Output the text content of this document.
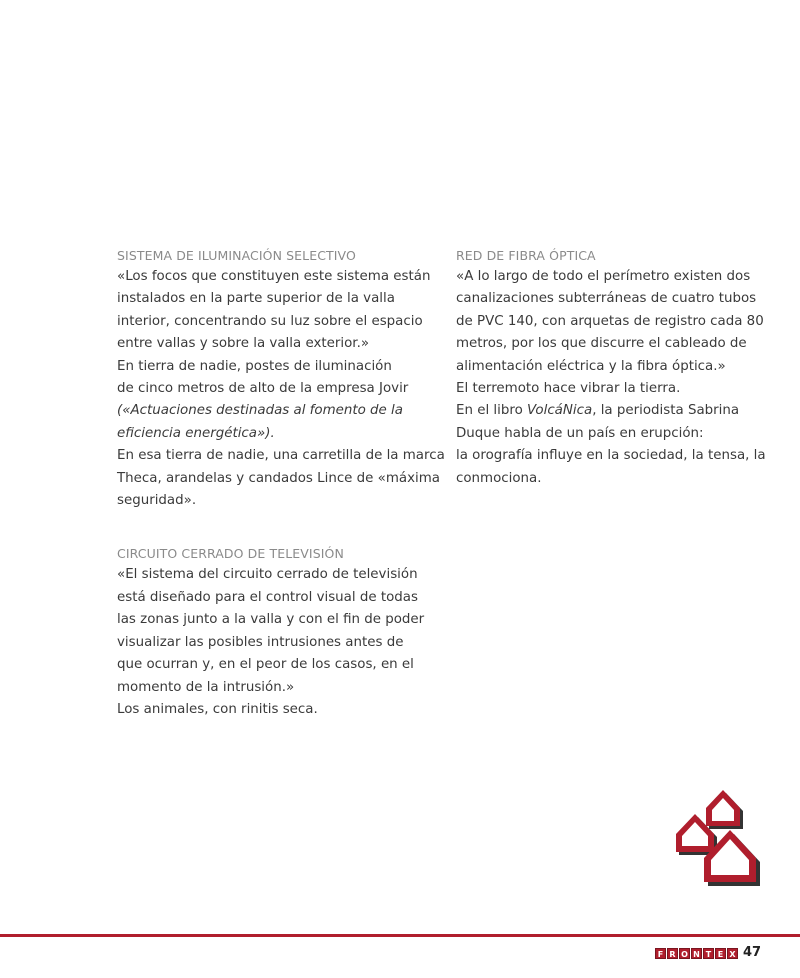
SISTEMA DE ILUMINACIÓN SELECTIVO

«Los focos que constituyen este sistema están

instalados en la parte superior de la valla

interior, concentrando su luz sobre el espacio

entre vallas y sobre la valla exterior.»

En tierra de nadie, postes de iluminación

de cinco metros de alto de la empresa Jovir

(«Actuaciones destinadas al fomento de la

eficiencia energética»).

En esa tierra de nadie, una carretilla de la marca

Theca, arandelas y candados Lince de «máxima

seguridad».

CIRCUITO CERRADO DE TELEVISIÓN

«El sistema del circuito cerrado de televisión

está diseñado para el control visual de todas

las zonas junto a la valla y con el fin de poder

visualizar las posibles intrusiones antes de

que ocurran y, en el peor de los casos, en el

momento de la intrusión.»

Los animales, con rinitis seca.

RED DE FIBRA ÓPTICA

«A lo largo de todo el perímetro existen dos

canalizaciones subterráneas de cuatro tubos

de PVC 140, con arquetas de registro cada 80

metros, por los que discurre el cableado de

alimentación eléctrica y la fibra óptica.»

El terremoto hace vibrar la tierra.

En el libro VolcáNica, la periodista Sabrina

Duque habla de un país en erupción:

la orografía influye en la sociedad, la tensa, la

conmociona.

F R O N T E X 47
